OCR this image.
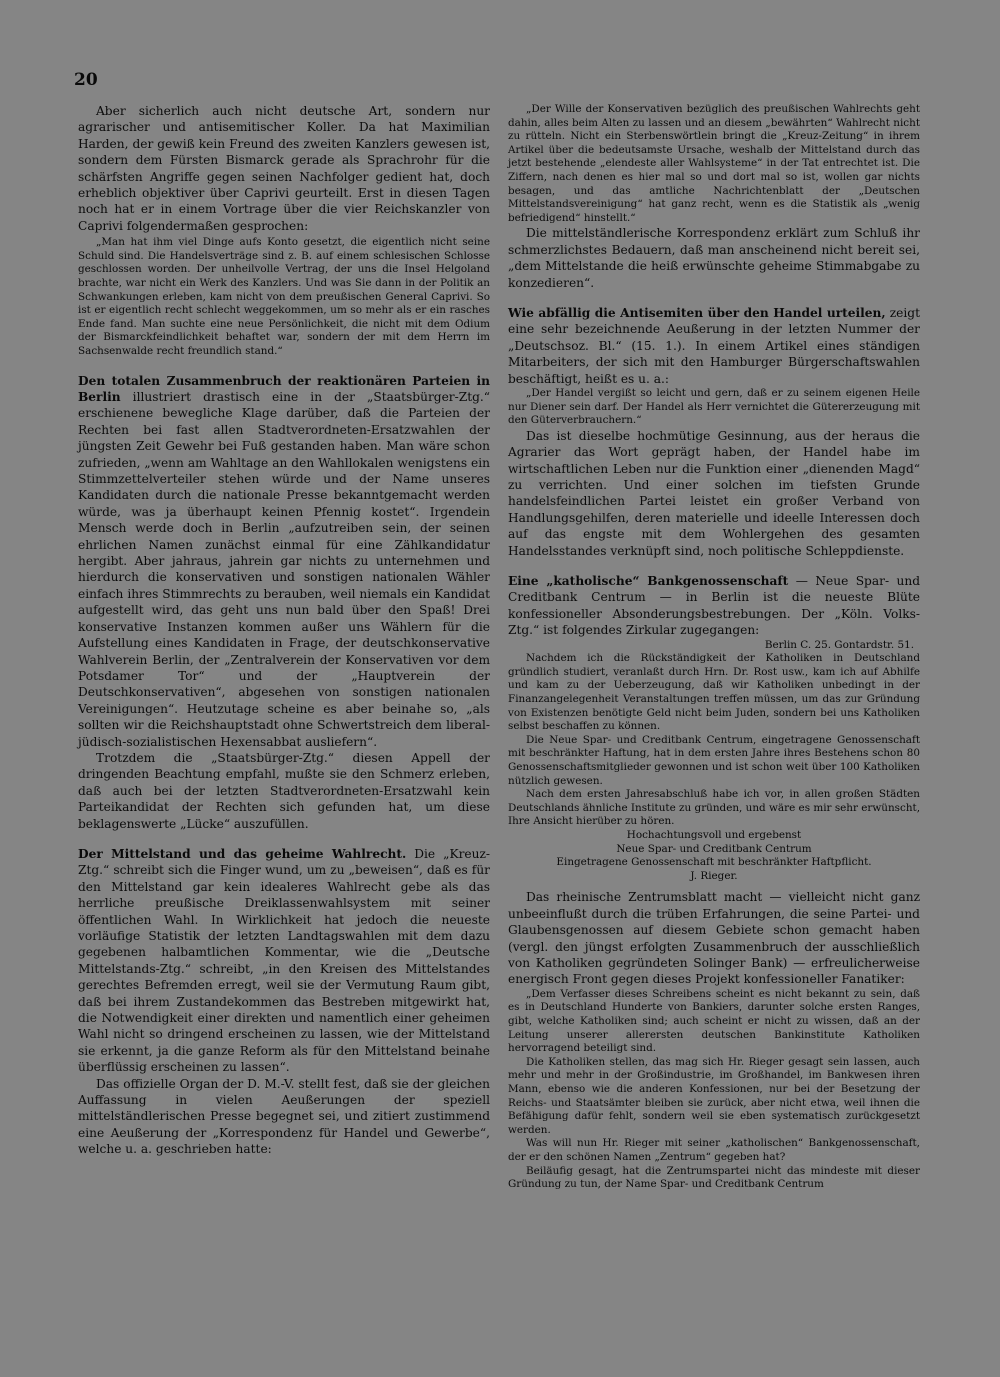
20

Aber sicherlich auch nicht deutsche Art, sondern nur agrarischer und antisemitischer Koller. Da hat Maximilian Harden, der gewiß kein Freund des zweiten Kanzlers gewesen ist, sondern dem Fürsten Bismarck gerade als Sprachrohr für die schärfsten Angriffe gegen seinen Nachfolger gedient hat, doch erheblich objektiver über Caprivi geurteilt. Erst in diesen Tagen noch hat er in einem Vortrage über die vier Reichskanzler von Caprivi folgendermaßen gesprochen:

„Man hat ihm viel Dinge aufs Konto gesetzt, die eigentlich nicht seine Schuld sind. Die Handelsverträge sind z. B. auf einem schlesischen Schlosse geschlossen worden. Der unheilvolle Vertrag, der uns die Insel Helgoland brachte, war nicht ein Werk des Kanzlers. Und was Sie dann in der Politik an Schwankungen erleben, kam nicht von dem preußischen General Caprivi. So ist er eigentlich recht schlecht weggekommen, um so mehr als er ein rasches Ende fand. Man suchte eine neue Persönlichkeit, die nicht mit dem Odium der Bismarckfeindlichkeit behaftet war, sondern der mit dem Herrn im Sachsenwalde recht freundlich stand.“

Den totalen Zusammenbruch der reaktionären Parteien in Berlin illustriert drastisch eine in der „Staatsbürger-Ztg.“ erschienene bewegliche Klage darüber, daß die Parteien der Rechten bei fast allen Stadtverordneten-Ersatzwahlen der jüngsten Zeit Gewehr bei Fuß gestanden haben. Man wäre schon zufrieden, „wenn am Wahltage an den Wahllokalen wenigstens ein Stimmzettelverteiler stehen würde und der Name unseres Kandidaten durch die nationale Presse bekanntgemacht werden würde, was ja überhaupt keinen Pfennig kostet“. Irgendein Mensch werde doch in Berlin „aufzutreiben sein, der seinen ehrlichen Namen zunächst einmal für eine Zählkandidatur hergibt. Aber jahraus, jahrein gar nichts zu unternehmen und hierdurch die konservativen und sonstigen nationalen Wähler einfach ihres Stimmrechts zu berauben, weil niemals ein Kandidat aufgestellt wird, das geht uns nun bald über den Spaß! Drei konservative Instanzen kommen außer uns Wählern für die Aufstellung eines Kandidaten in Frage, der deutschkonservative Wahlverein Berlin, der „Zentralverein der Konservativen vor dem Potsdamer Tor“ und der „Hauptverein der Deutschkonservativen“, abgesehen von sonstigen nationalen Vereinigungen“. Heutzutage scheine es aber beinahe so, „als sollten wir die Reichshauptstadt ohne Schwertstreich dem liberal-jüdisch-sozialistischen Hexensabbat ausliefern“.

Trotzdem die „Staatsbürger-Ztg.“ diesen Appell der dringenden Beachtung empfahl, mußte sie den Schmerz erleben, daß auch bei der letzten Stadtverordneten-Ersatzwahl kein Parteikandidat der Rechten sich gefunden hat, um diese beklagenswerte „Lücke“ auszufüllen.

Der Mittelstand und das geheime Wahlrecht. Die „Kreuz-Ztg.“ schreibt sich die Finger wund, um zu „beweisen“, daß es für den Mittelstand gar kein idealeres Wahlrecht gebe als das herrliche preußische Dreiklassenwahlsystem mit seiner öffentlichen Wahl. In Wirklichkeit hat jedoch die neueste vorläufige Statistik der letzten Landtagswahlen mit dem dazu gegebenen halbamtlichen Kommentar, wie die „Deutsche Mittelstands-Ztg.“ schreibt, „in den Kreisen des Mittelstandes gerechtes Befremden erregt, weil sie der Vermutung Raum gibt, daß bei ihrem Zustandekommen das Bestreben mitgewirkt hat, die Notwendigkeit einer direkten und namentlich einer geheimen Wahl nicht so dringend erscheinen zu lassen, wie der Mittelstand sie erkennt, ja die ganze Reform als für den Mittelstand beinahe überflüssig erscheinen zu lassen“.

Das offizielle Organ der D. M.-V. stellt fest, daß sie der gleichen Auffassung in vielen Aeußerungen der speziell mittelständlerischen Presse begegnet sei, und zitiert zustimmend eine Aeußerung der „Korrespondenz für Handel und Gewerbe“, welche u. a. geschrieben hatte:

„Der Wille der Konservativen bezüglich des preußischen Wahlrechts geht dahin, alles beim Alten zu lassen und an diesem „bewährten“ Wahlrecht nicht zu rütteln. Nicht ein Sterbenswörtlein bringt die „Kreuz-Zeitung“ in ihrem Artikel über die bedeutsamste Ursache, weshalb der Mittelstand durch das jetzt bestehende „elendeste aller Wahlsysteme“ in der Tat entrechtet ist. Die Ziffern, nach denen es hier mal so und dort mal so ist, wollen gar nichts besagen, und das amtliche Nachrichtenblatt der „Deutschen Mittelstandsvereinigung“ hat ganz recht, wenn es die Statistik als „wenig befriedigend“ hinstellt.“

Die mittelständlerische Korrespondenz erklärt zum Schluß ihr schmerzlichstes Bedauern, daß man anscheinend nicht bereit sei, „dem Mittelstande die heiß erwünschte geheime Stimmabgabe zu konzedieren“.

Wie abfällig die Antisemiten über den Handel urteilen, zeigt eine sehr bezeichnende Aeußerung in der letzten Nummer der „Deutschsoz. Bl.“ (15. 1.). In einem Artikel eines ständigen Mitarbeiters, der sich mit den Hamburger Bürgerschaftswahlen beschäftigt, heißt es u. a.:

„Der Handel vergißt so leicht und gern, daß er zu seinem eigenen Heile nur Diener sein darf. Der Handel als Herr vernichtet die Gütererzeugung mit den Güterverbrauchern.“

Das ist dieselbe hochmütige Gesinnung, aus der heraus die Agrarier das Wort geprägt haben, der Handel habe im wirtschaftlichen Leben nur die Funktion einer „dienenden Magd“ zu verrichten. Und einer solchen im tiefsten Grunde handelsfeindlichen Partei leistet ein großer Verband von Handlungsgehilfen, deren materielle und ideelle Interessen doch auf das engste mit dem Wohlergehen des gesamten Handelsstandes verknüpft sind, noch politische Schleppdienste.

Eine „katholische“ Bankgenossenschaft — Neue Spar- und Creditbank Centrum — in Berlin ist die neueste Blüte konfessioneller Absonderungsbestrebungen. Der „Köln. Volks-Ztg.“ ist folgendes Zirkular zugegangen:

Berlin C. 25. Gontardstr. 51.

Nachdem ich die Rückständigkeit der Katholiken in Deutschland gründlich studiert, veranlaßt durch Hrn. Dr. Rost usw., kam ich auf Abhilfe und kam zu der Ueberzeugung, daß wir Katholiken unbedingt in der Finanzangelegenheit Veranstaltungen treffen müssen, um das zur Gründung von Existenzen benötigte Geld nicht beim Juden, sondern bei uns Katholiken selbst beschaffen zu können.

Die Neue Spar- und Creditbank Centrum, eingetragene Genossenschaft mit beschränkter Haftung, hat in dem ersten Jahre ihres Bestehens schon 80 Genossenschaftsmitglieder gewonnen und ist schon weit über 100 Katholiken nützlich gewesen.

Nach dem ersten Jahresabschluß habe ich vor, in allen großen Städten Deutschlands ähnliche Institute zu gründen, und wäre es mir sehr erwünscht, Ihre Ansicht hierüber zu hören.

Hochachtungsvoll und ergebenst

Neue Spar- und Creditbank Centrum

Eingetragene Genossenschaft mit beschränkter Haftpflicht.

J. Rieger.

Das rheinische Zentrumsblatt macht — vielleicht nicht ganz unbeeinflußt durch die trüben Erfahrungen, die seine Partei- und Glaubensgenossen auf diesem Gebiete schon gemacht haben (vergl. den jüngst erfolgten Zusammenbruch der ausschließlich von Katholiken gegründeten Solinger Bank) — erfreulicherweise energisch Front gegen dieses Projekt konfessioneller Fanatiker:

„Dem Verfasser dieses Schreibens scheint es nicht bekannt zu sein, daß es in Deutschland Hunderte von Bankiers, darunter solche ersten Ranges, gibt, welche Katholiken sind; auch scheint er nicht zu wissen, daß an der Leitung unserer allerersten deutschen Bankinstitute Katholiken hervorragend beteiligt sind.

Die Katholiken stellen, das mag sich Hr. Rieger gesagt sein lassen, auch mehr und mehr in der Großindustrie, im Großhandel, im Bankwesen ihren Mann, ebenso wie die anderen Konfessionen, nur bei der Besetzung der Reichs- und Staatsämter bleiben sie zurück, aber nicht etwa, weil ihnen die Befähigung dafür fehlt, sondern weil sie eben systematisch zurückgesetzt werden.

Was will nun Hr. Rieger mit seiner „katholischen“ Bankgenossenschaft, der er den schönen Namen „Zentrum“ gegeben hat?

Beiläufig gesagt, hat die Zentrumspartei nicht das mindeste mit dieser Gründung zu tun, der Name Spar- und Creditbank Centrum
